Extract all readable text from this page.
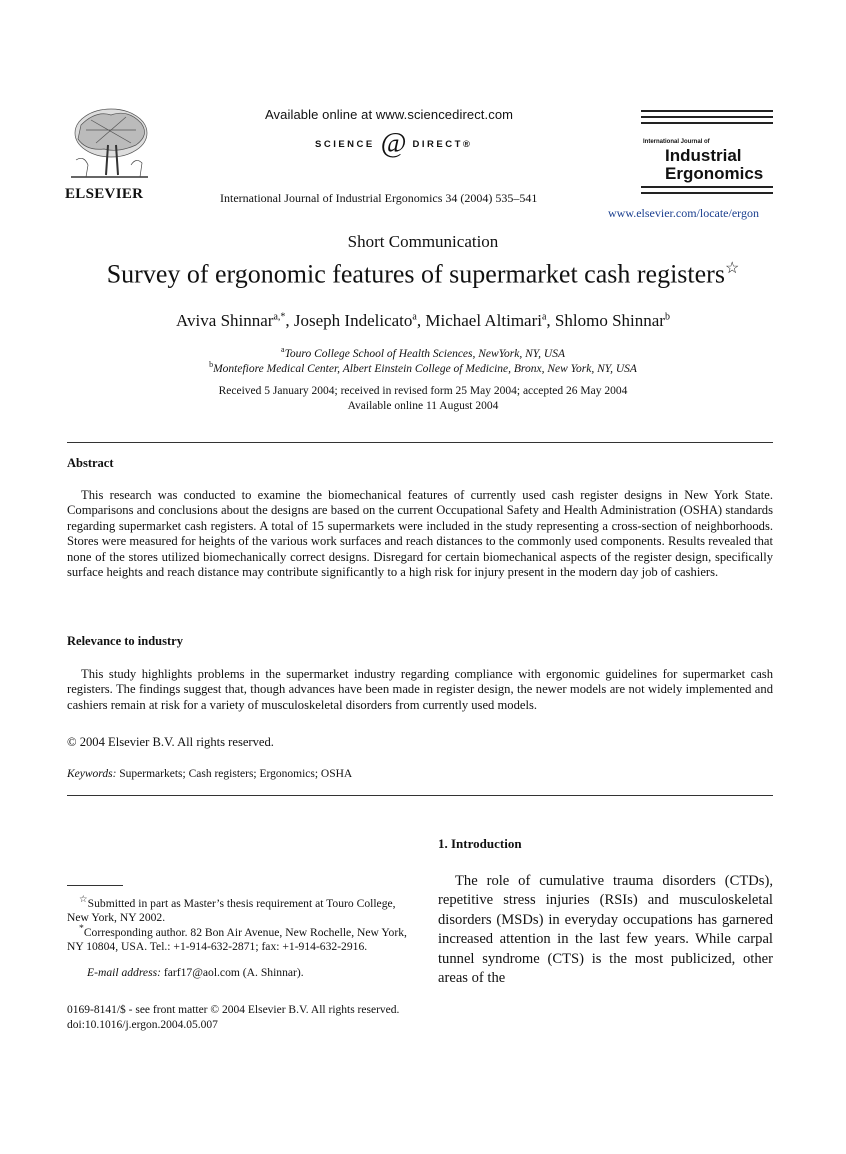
ELSEVIER
Available online at www.sciencedirect.com
SCIENCE @ DIRECT®
International Journal of Industrial Ergonomics 34 (2004) 535–541
International Journal of
Industrial
Ergonomics
www.elsevier.com/locate/ergon
Short Communication
Survey of ergonomic features of supermarket cash registers☆
Aviva Shinnar$^{a,*}$, Joseph Indelicato$^a$, Michael Altimari$^a$, Shlomo Shinnar$^b$
$^a$Touro College School of Health Sciences, NewYork, NY, USA
$^b$Montefiore Medical Center, Albert Einstein College of Medicine, Bronx, New York, NY, USA
Received 5 January 2004; received in revised form 25 May 2004; accepted 26 May 2004
Available online 11 August 2004
Abstract
This research was conducted to examine the biomechanical features of currently used cash register designs in New York State. Comparisons and conclusions about the designs are based on the current Occupational Safety and Health Administration (OSHA) standards regarding supermarket cash registers. A total of 15 supermarkets were included in the study representing a cross-section of neighborhoods. Stores were measured for heights of the various work surfaces and reach distances to the commonly used components. Results revealed that none of the stores utilized biomechanically correct designs. Disregard for certain biomechanical aspects of the register design, specifically surface heights and reach distance may contribute significantly to a high risk for injury present in the modern day job of cashiers.
Relevance to industry
This study highlights problems in the supermarket industry regarding compliance with ergonomic guidelines for supermarket cash registers. The findings suggest that, though advances have been made in register design, the newer models are not widely implemented and cashiers remain at risk for a variety of musculoskeletal disorders from currently used models.
© 2004 Elsevier B.V. All rights reserved.
Keywords: Supermarkets; Cash registers; Ergonomics; OSHA
1. Introduction
The role of cumulative trauma disorders (CTDs), repetitive stress injuries (RSIs) and musculoskeletal disorders (MSDs) in everyday occupations has garnered increased attention in the last few years. While carpal tunnel syndrome (CTS) is the most publicized, other areas of the
☆Submitted in part as Master’s thesis requirement at Touro College, New York, NY 2002.
*Corresponding author. 82 Bon Air Avenue, New Rochelle, New York, NY 10804, USA. Tel.: +1-914-632-2871; fax: +1-914-632-2916.
E-mail address: farf17@aol.com (A. Shinnar).
0169-8141/$ - see front matter © 2004 Elsevier B.V. All rights reserved.
doi:10.1016/j.ergon.2004.05.007
